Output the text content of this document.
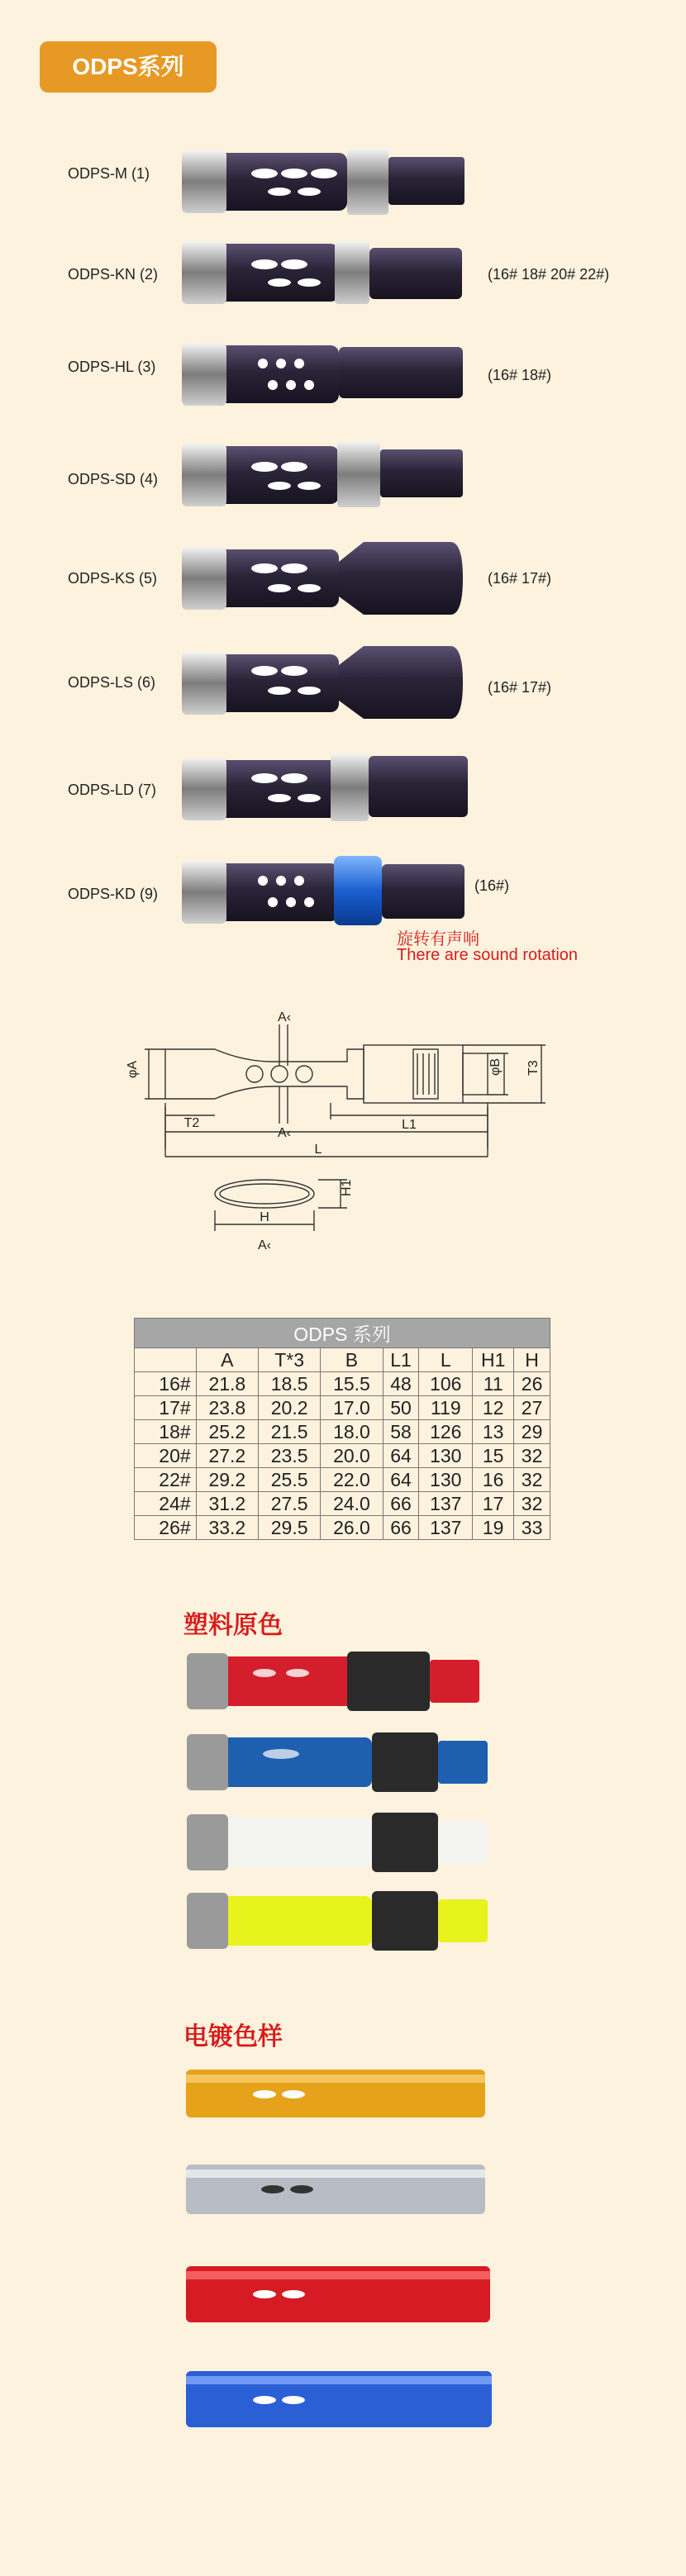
ODPS系列
ODPS-M (1)
ODPS-KN (2)	(16# 18# 20# 22#)
ODPS-HL (3)	(16# 18#)
ODPS-SD (4)
ODPS-KS (5)	(16# 17#)
ODPS-LS (6)	(16# 17#)
ODPS-LD (7)
ODPS-KD (9)	(16#)
旋转有声响
There are sound rotation
φA
A‹
A‹
T2	L1
L
φB T3
H1
H
A‹
ODPS 系列							
	A	T*3	B	L1	L	H1	H
16#	21.8	18.5	15.5	48	106	11	26
17#	23.8	20.2	17.0	50	119	12	27
18#	25.2	21.5	18.0	58	126	13	29
20#	27.2	23.5	20.0	64	130	15	32
22#	29.2	25.5	22.0	64	130	16	32
24#	31.2	27.5	24.0	66	137	17	32
26#	33.2	29.5	26.0	66	137	19	33
塑料原色
电镀色样
